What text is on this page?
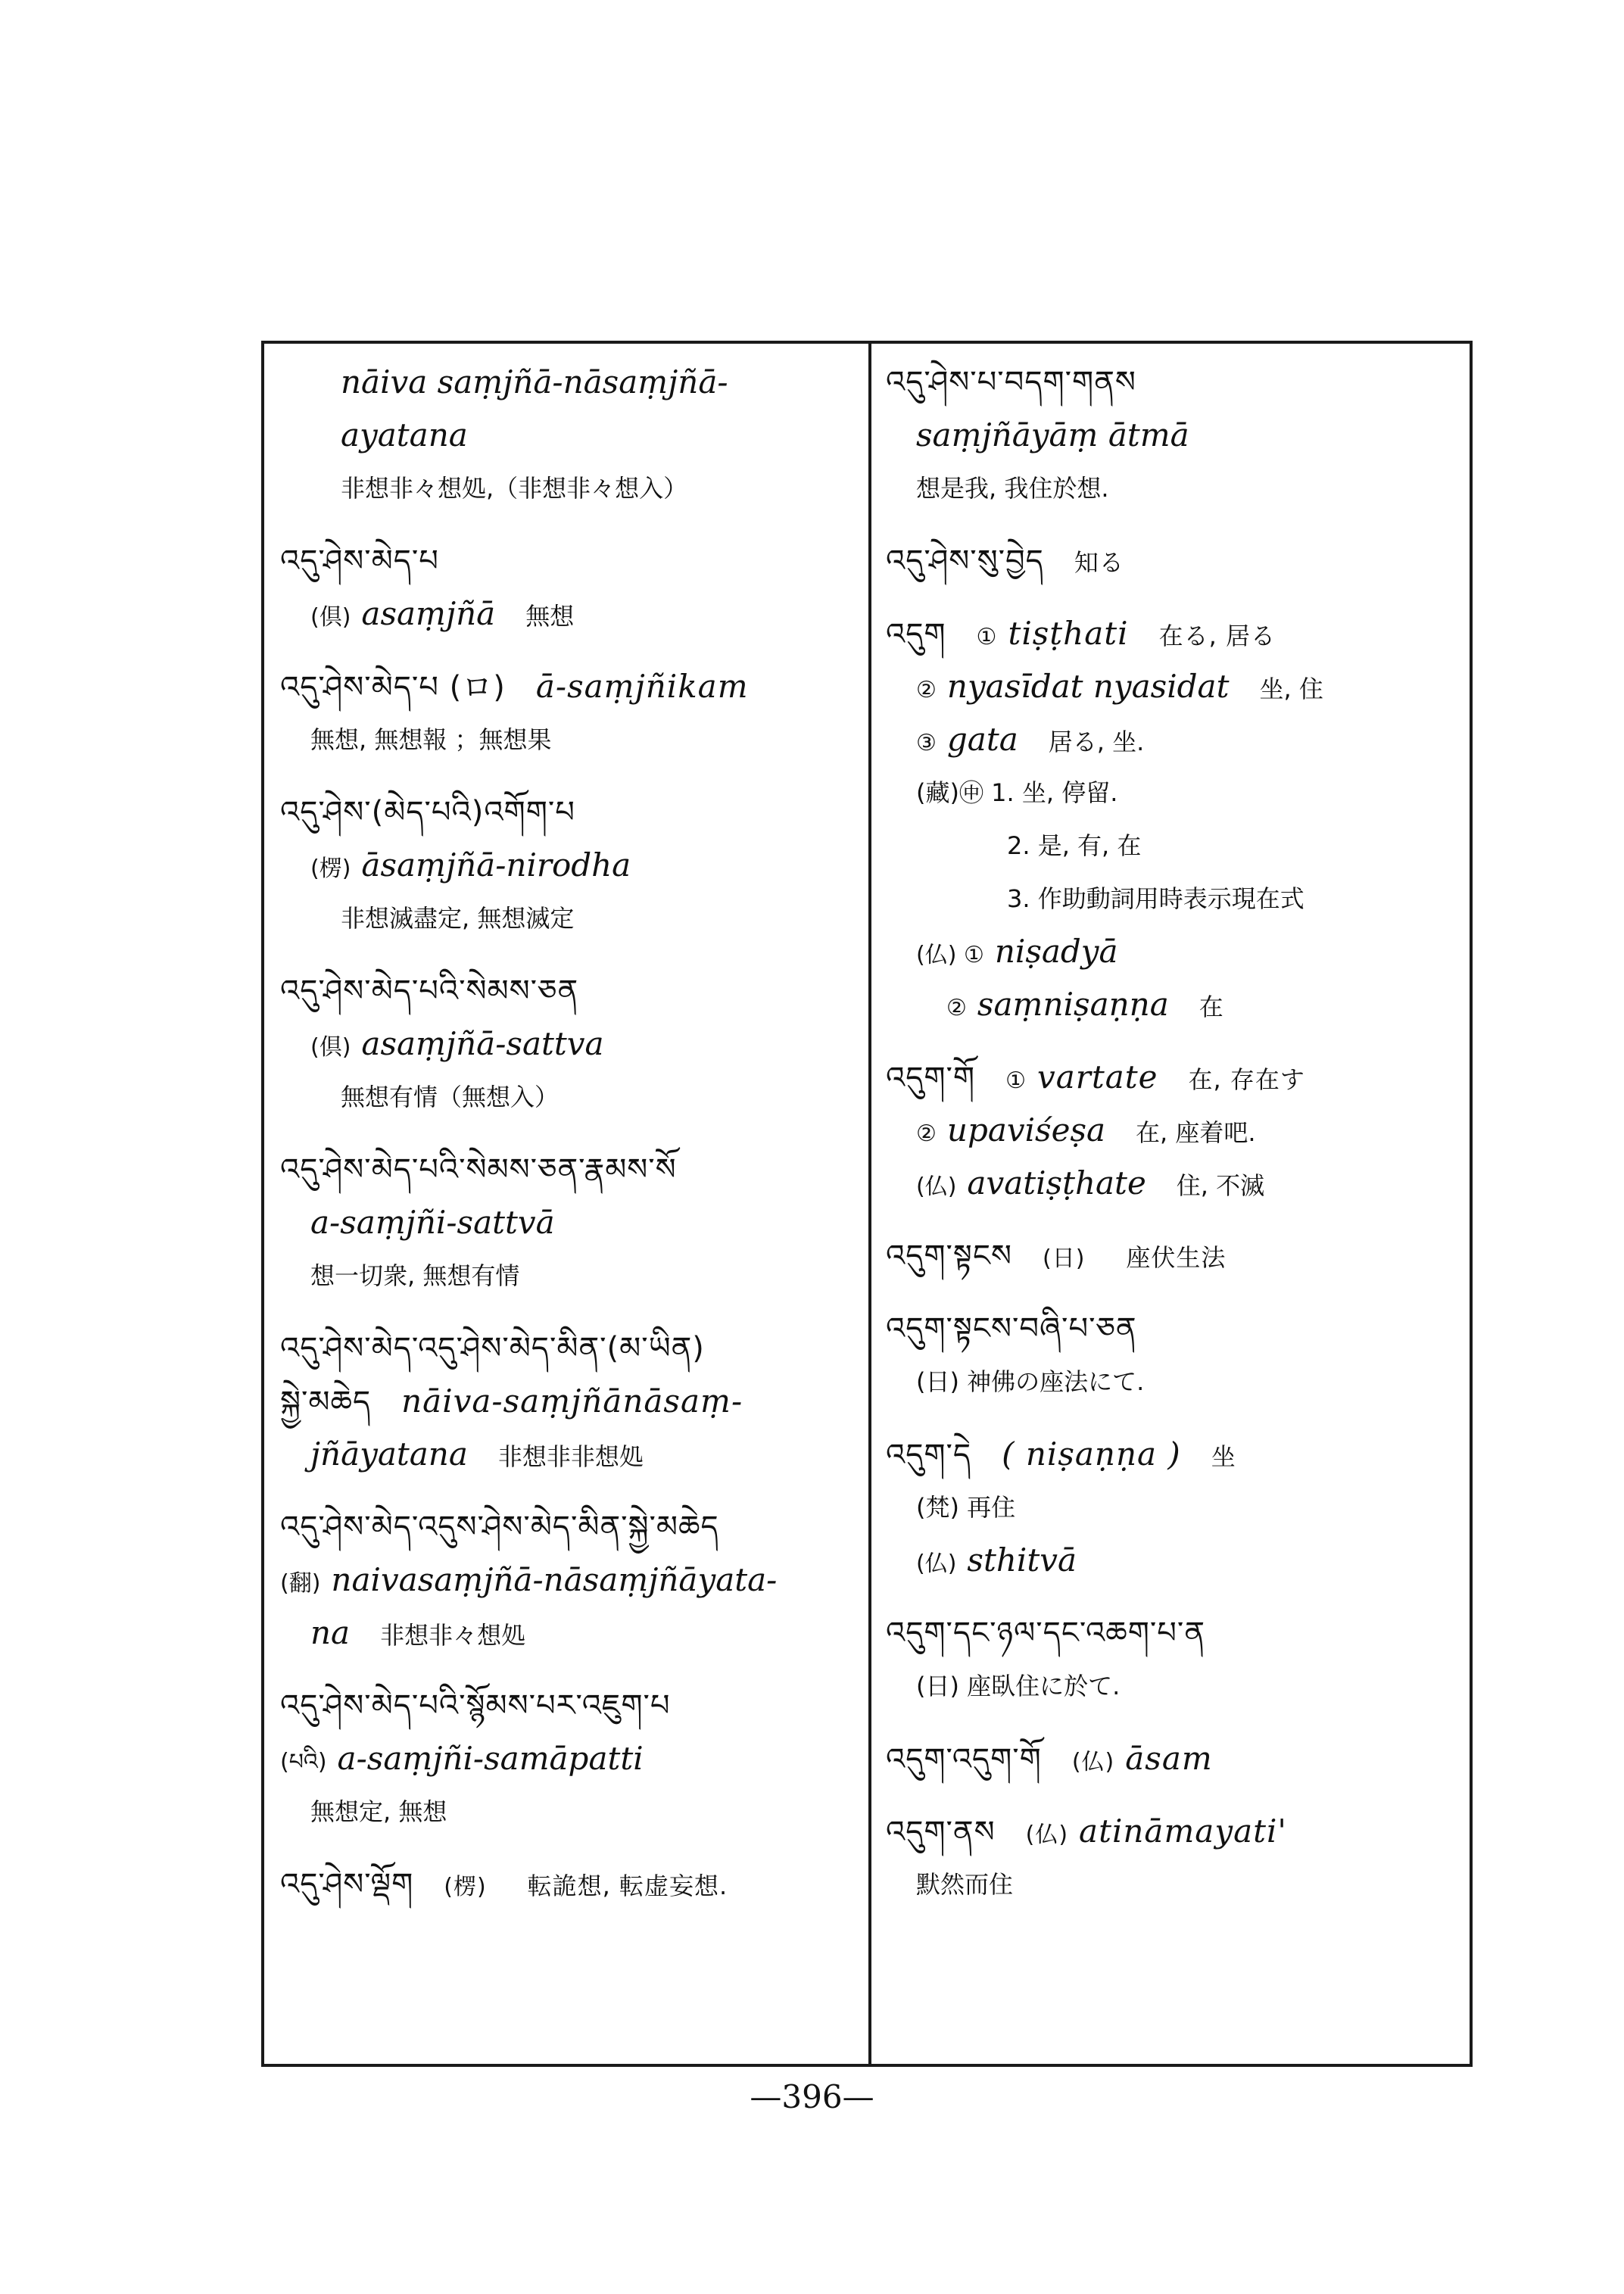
nāiva saṃjñā-nāsaṃjñā-
ayatana
非想非々想処,（非想非々想入）
འདུ་ཤེས་མེད་པ
(倶) asaṃjñā 無想
འདུ་ཤེས་མེད་པ (ロ) ā-saṃjñikam
無想, 無想報 ；無想果
འདུ་ཤེས་(མེད་པའི)འགོག་པ
(楞) āsaṃjñā-nirodha
非想滅盡定, 無想滅定
འདུ་ཤེས་མེད་པའི་སེམས་ཅན
(倶) asaṃjñā-sattva
無想有情（無想入）
འདུ་ཤེས་མེད་པའི་སེམས་ཅན་རྣམས་སོ
a-saṃjñi-sattvā
想一切衆, 無想有情
འདུ་ཤེས་མེད་འདུ་ཤེས་མེད་མིན་(མ་ཡིན)
སྐྱེ་མཆེད nāiva-saṃjñānāsaṃ-
jñāyatana 非想非非想処
འདུ་ཤེས་མེད་འདུས་ཤེས་མེད་མིན་སྐྱེ་མཆེད
(翻) naivasaṃjñā-nāsaṃjñāyata-
na 非想非々想処
འདུ་ཤེས་མེད་པའི་སྙོམས་པར་འཇུག་པ
(པའི) a-saṃjñi-samāpatti
無想定, 無想
འདུ་ཤེས་ལྡོག (楞) 転詭想, 転虚妄想.
འདུ་ཤེས་པ་བདག་གནས
saṃjñāyāṃ ātmā
想是我, 我住於想.
འདུ་ཤེས་སུ་བྱེད 知る
འདུག ① tiṣṭhati 在る, 居る
② nyasīdat nyasidat 坐, 住
③ gata 居る, 坐.
(藏)㊥ 1. 坐, 停留.
2. 是, 有, 在
3. 作助動詞用時表示現在式
(仏) ① niṣadyā
② saṃniṣaṇṇa 在
འདུག་གོ ① vartate 在, 存在す
② upaviśeṣa 在, 座着吧.
(仏) avatiṣṭhate 住, 不滅
འདུག་སྟངས (日) 座伏生法
འདུག་སྟངས་བཞི་པ་ཅན
(日) 神佛の座法にて.
འདུག་དེ ( niṣaṇṇa ) 坐
(梵) 再住
(仏) sthitvā
འདུག་དང་ཉལ་དང་འཆག་པ་ན
(日) 座臥住に於て.
འདུག་འདུག་གོ (仏) āsam
འདུག་ནས (仏) atināmayati'
默然而住
—396—
